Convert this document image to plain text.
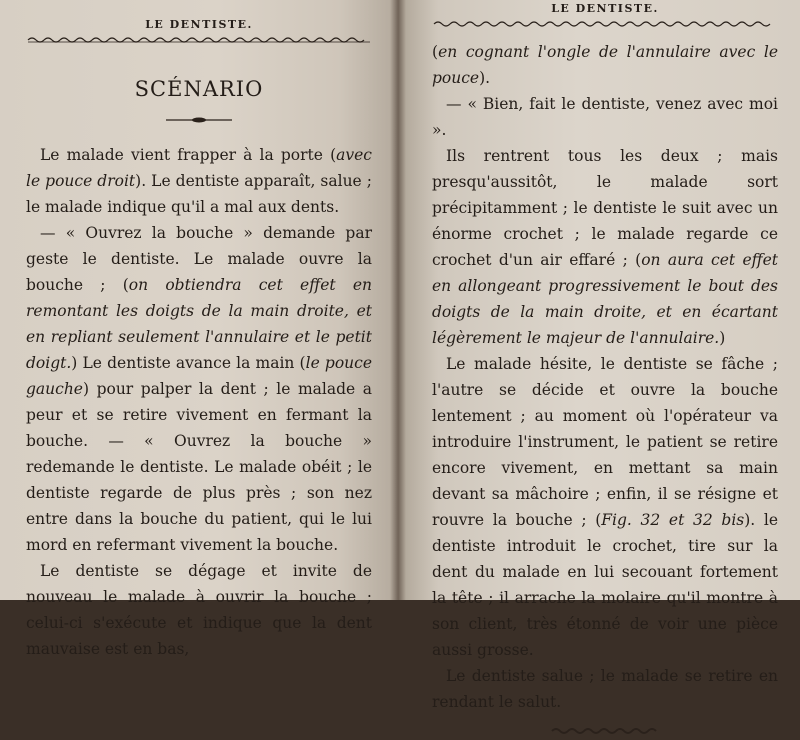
LE DENTISTE.
SCÉNARIO

Le malade vient frapper à la porte (avec le pouce droit). Le dentiste apparaît, salue ; le malade indique qu'il a mal aux dents.

— « Ouvrez la bouche » demande par geste le dentiste. Le malade ouvre la bouche ; (on obtiendra cet effet en remontant les doigts de la main droite, et en repliant seulement l'annulaire et le petit doigt.) Le dentiste avance la main (le pouce gauche) pour palper la dent ; le malade a peur et se retire vivement en fermant la bouche. — « Ouvrez la bouche » redemande le dentiste. Le malade obéit ; le dentiste regarde de plus près ; son nez entre dans la bouche du patient, qui le lui mord en refermant vivement la bouche.

Le dentiste se dégage et invite de nouveau le malade à ouvrir la bouche ; celui-ci s'exécute et indique que la dent mauvaise est en bas,

LE DENTISTE.

(en cognant l'ongle de l'annulaire avec le pouce).

— « Bien, fait le dentiste, venez avec moi ».

Ils rentrent tous les deux ; mais presqu'aussitôt, le malade sort précipitamment ; le dentiste le suit avec un énorme crochet ; le malade regarde ce crochet d'un air effaré ; (on aura cet effet en allongeant progressivement le bout des doigts de la main droite, et en écartant légèrement le majeur de l'annulaire.)

Le malade hésite, le dentiste se fâche ; l'autre se décide et ouvre la bouche lentement ; au moment où l'opérateur va introduire l'instrument, le patient se retire encore vivement, en mettant sa main devant sa mâchoire ; enfin, il se résigne et rouvre la bouche ; (Fig. 32 et 32 bis). le dentiste introduit le crochet, tire sur la dent du malade en lui secouant fortement la tête ; il arrache la molaire qu'il montre à son client, très étonné de voir une pièce aussi grosse.

Le dentiste salue ; le malade se retire en rendant le salut.
